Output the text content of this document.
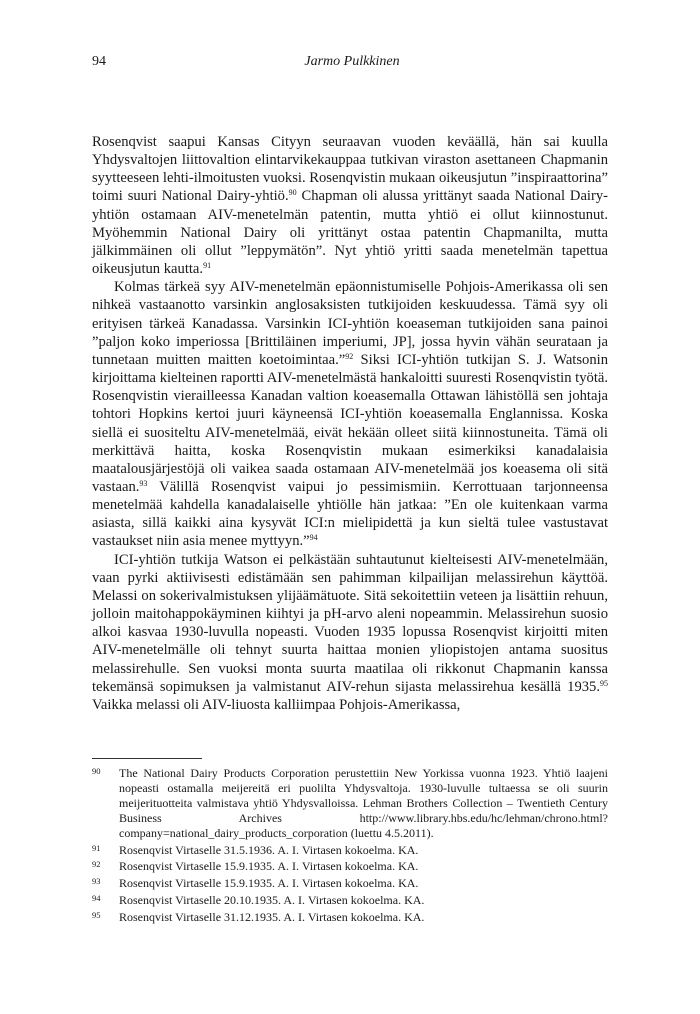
94	Jarmo Pulkkinen

Rosenqvist saapui Kansas Cityyn seuraavan vuoden keväällä, hän sai kuulla Yhdysvaltojen liittovaltion elintarvikekauppaa tutkivan viraston asettaneen Chapmanin syytteeseen lehti-ilmoitusten vuoksi. Rosenqvistin mukaan oikeusjutun ”inspiraattorina” toimi suuri National Dairy-yhtiö.$^{90}$ Chapman oli alussa yrittänyt saada National Dairy-yhtiön ostamaan AIV-menetelmän patentin, mutta yhtiö ei ollut kiinnostunut. Myöhemmin National Dairy oli yrittänyt ostaa patentin Chapmanilta, mutta jälkimmäinen oli ollut ”leppymätön”. Nyt yhtiö yritti saada menetelmän tapettua oikeusjutun kautta.$^{91}$

Kolmas tärkeä syy AIV-menetelmän epäonnistumiselle Pohjois-Amerikassa oli sen nihkeä vastaanotto varsinkin anglosaksisten tutkijoiden keskuudessa. Tämä syy oli erityisen tärkeä Kanadassa. Varsinkin ICI-yhtiön koeaseman tutkijoiden sana painoi ”paljon koko imperiossa [Brittiläinen imperiumi, JP], jossa hyvin vähän seurataan ja tunnetaan muitten maitten koetoimintaa.”$^{92}$ Siksi ICI-yhtiön tutkijan S. J. Watsonin kirjoittama kielteinen raportti AIV-menetelmästä hankaloitti suuresti Rosenqvistin työtä. Rosenqvistin vierailleessa Kanadan valtion koeasemalla Ottawan lähistöllä sen johtaja tohtori Hopkins kertoi juuri käyneensä ICI-yhtiön koeasemalla Englannissa. Koska siellä ei suositeltu AIV-menetelmää, eivät hekään olleet siitä kiinnostuneita. Tämä oli merkittävä haitta, koska Rosenqvistin mukaan esimerkiksi kanadalaisia maatalousjärjestöjä oli vaikea saada ostamaan AIV-menetelmää jos koeasema oli sitä vastaan.$^{93}$ Välillä Rosenqvist vaipui jo pessimismiin. Kerrottuaan tarjonneensa menetelmää kahdella kanadalaiselle yhtiölle hän jatkaa: ”En ole kuitenkaan varma asiasta, sillä kaikki aina kysyvät ICI:n mielipidettä ja kun sieltä tulee vastustavat vastaukset niin asia menee myttyyn.”$^{94}$

ICI-yhtiön tutkija Watson ei pelkästään suhtautunut kielteisesti AIV-menetelmään, vaan pyrki aktiivisesti edistämään sen pahimman kilpailijan melassirehun käyttöä. Melassi on sokerivalmistuksen ylijäämätuote. Sitä sekoitettiin veteen ja lisättiin rehuun, jolloin maitohappokäyminen kiihtyi ja pH-arvo aleni nopeammin. Melassirehun suosio alkoi kasvaa 1930-luvulla nopeasti. Vuoden 1935 lopussa Rosenqvist kirjoitti miten AIV-menetelmälle oli tehnyt suurta haittaa monien yliopistojen antama suositus melassirehulle. Sen vuoksi monta suurta maatilaa oli rikkonut Chapmanin kanssa tekemänsä sopimuksen ja valmistanut AIV-rehun sijasta melassirehua kesällä 1935.95 Vaikka melassi oli AIV-liuosta kalliimpaa Pohjois-Amerikassa,

90 The National Dairy Products Corporation perustettiin New Yorkissa vuonna 1923. Yhtiö laajeni nopeasti ostamalla meijereitä eri puolilta Yhdysvaltoja. 1930-luvulle tultaessa se oli suurin meijerituotteita valmistava yhtiö Yhdysvalloissa. Lehman Brothers Collection – Twentieth Century Business Archives http://www.library.hbs.edu/hc/lehman/chrono.html?company=national_dairy_products_corporation (luettu 4.5.2011).
91 Rosenqvist Virtaselle 31.5.1936. A. I. Virtasen kokoelma. KA.
92 Rosenqvist Virtaselle 15.9.1935. A. I. Virtasen kokoelma. KA.
93 Rosenqvist Virtaselle 15.9.1935. A. I. Virtasen kokoelma. KA.
94 Rosenqvist Virtaselle 20.10.1935. A. I. Virtasen kokoelma. KA.
95 Rosenqvist Virtaselle 31.12.1935. A. I. Virtasen kokoelma. KA.
